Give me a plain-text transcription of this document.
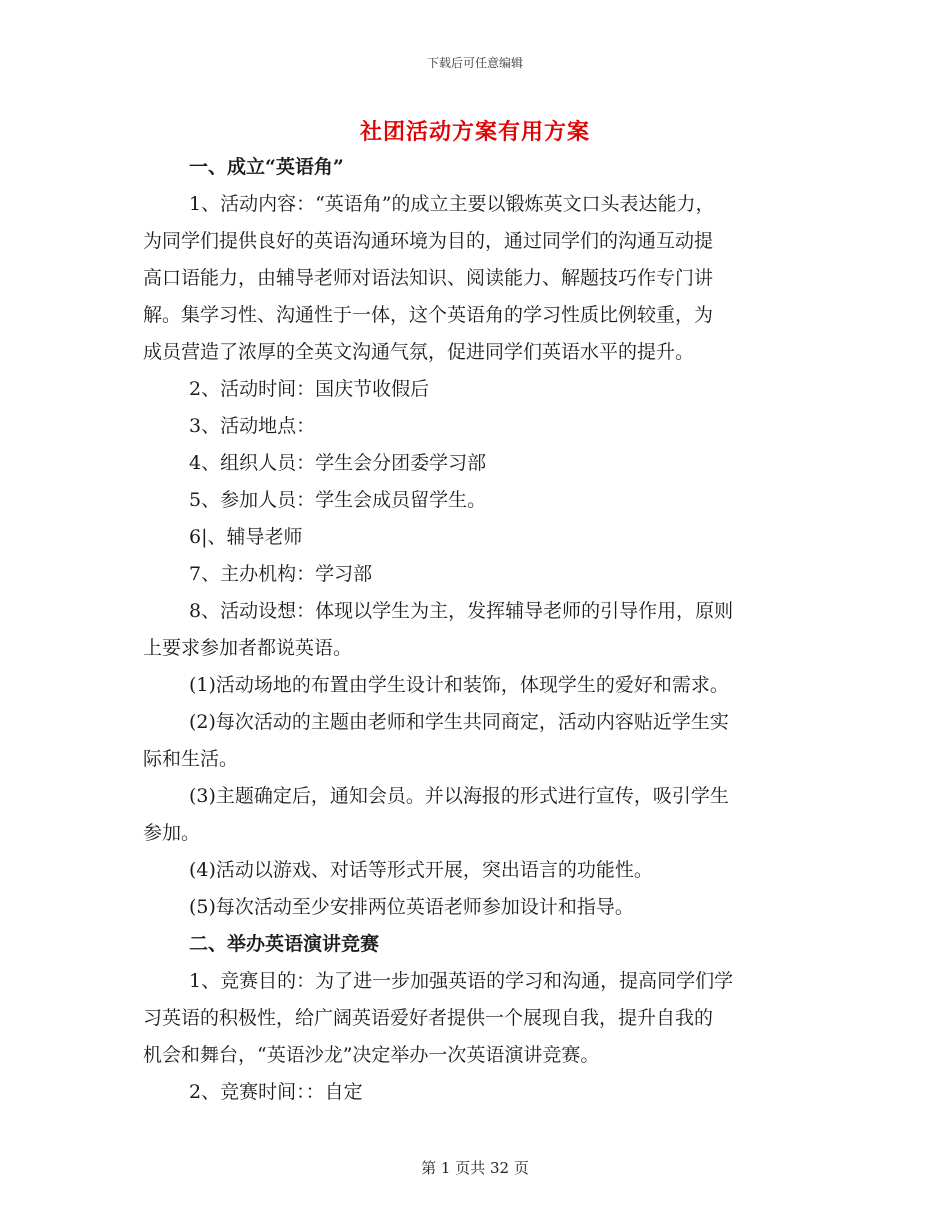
下载后可任意编辑
社团活动方案有用方案
一、成立“英语角”
1、活动内容：“英语角”的成立主要以锻炼英文口头表达能力，
为同学们提供良好的英语沟通环境为目的，通过同学们的沟通互动提
高口语能力，由辅导老师对语法知识、阅读能力、解题技巧作专门讲
解。集学习性、沟通性于一体，这个英语角的学习性质比例较重，为
成员营造了浓厚的全英文沟通气氛，促进同学们英语水平的提升。
2、活动时间：国庆节收假后
3、活动地点：
4、组织人员：学生会分团委学习部
5、参加人员：学生会成员留学生。
6|、辅导老师
7、主办机构：学习部
8、活动设想：体现以学生为主，发挥辅导老师的引导作用，原则
上要求参加者都说英语。
(1)活动场地的布置由学生设计和装饰，体现学生的爱好和需求。
(2)每次活动的主题由老师和学生共同商定，活动内容贴近学生实
际和生活。
(3)主题确定后，通知会员。并以海报的形式进行宣传，吸引学生
参加。
(4)活动以游戏、对话等形式开展，突出语言的功能性。
(5)每次活动至少安排两位英语老师参加设计和指导。
二、举办英语演讲竞赛
1、竞赛目的：为了进一步加强英语的学习和沟通，提高同学们学
习英语的积极性，给广阔英语爱好者提供一个展现自我，提升自我的
机会和舞台，“英语沙龙”决定举办一次英语演讲竞赛。
2、竞赛时间：：自定
第 1 页共 32 页
